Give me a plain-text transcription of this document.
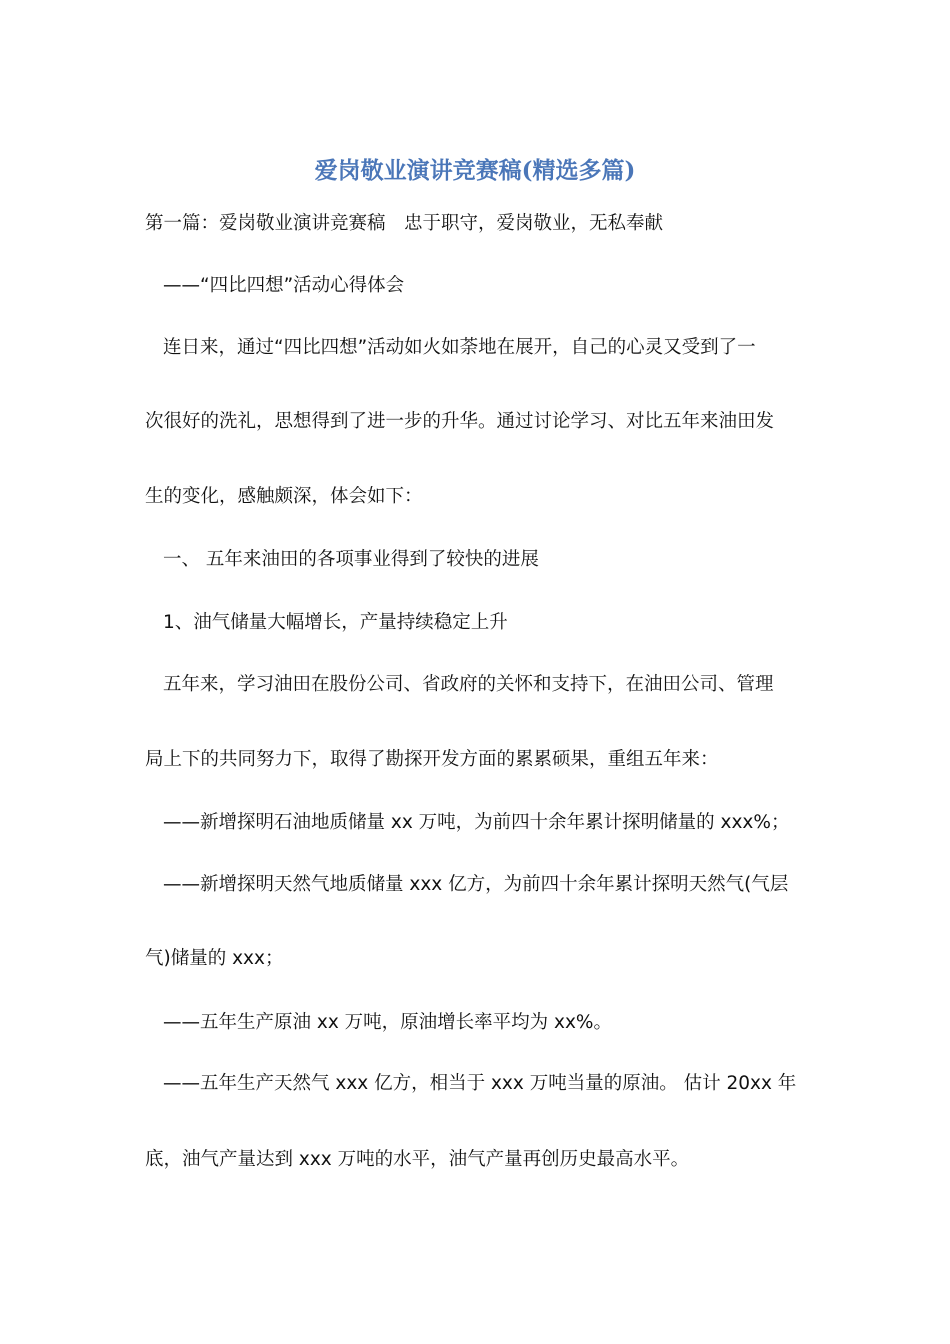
爱岗敬业演讲竞赛稿(精选多篇)
第一篇：爱岗敬业演讲竞赛稿　忠于职守，爱岗敬业，无私奉献
——“四比四想”活动心得体会
连日来，通过“四比四想”活动如火如荼地在展开，自己的心灵又受到了一
次很好的洗礼，思想得到了进一步的升华。通过讨论学习、对比五年来油田发
生的变化，感触颇深，体会如下：
一、 五年来油田的各项事业得到了较快的进展
1、油气储量大幅增长，产量持续稳定上升
五年来，学习油田在股份公司、省政府的关怀和支持下，在油田公司、管理
局上下的共同努力下，取得了勘探开发方面的累累硕果，重组五年来：
——新增探明石油地质储量 xx 万吨，为前四十余年累计探明储量的 xxx%；
——新增探明天然气地质储量 xxx 亿方，为前四十余年累计探明天然气(气层
气)储量的 xxx；
——五年生产原油 xx 万吨，原油增长率平均为 xx%。
——五年生产天然气 xxx 亿方，相当于 xxx 万吨当量的原油。 估计 20xx 年
底，油气产量达到 xxx 万吨的水平，油气产量再创历史最高水平。
